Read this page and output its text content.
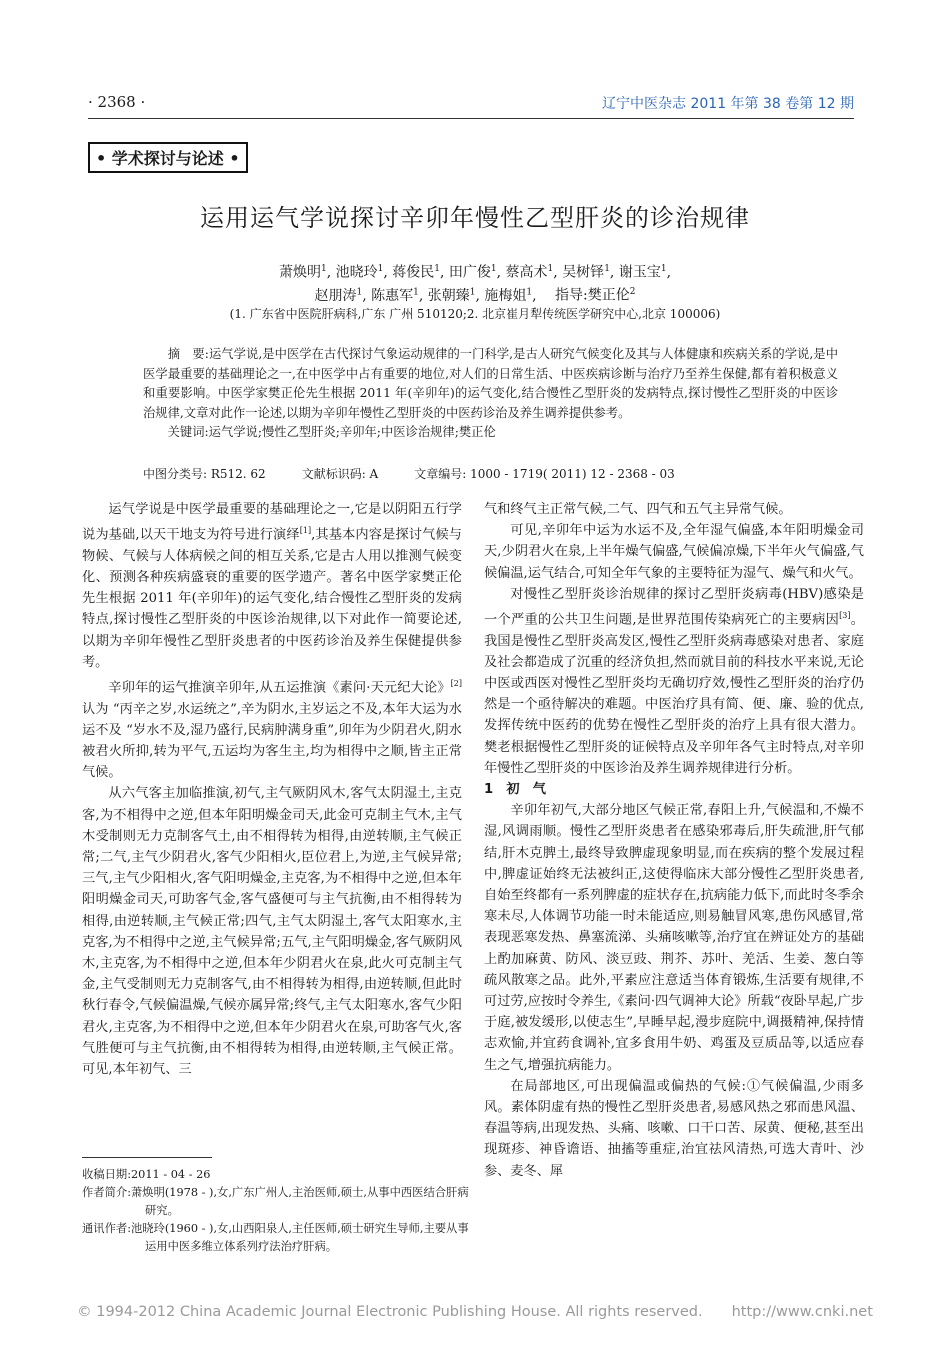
· 2368 ·	辽宁中医杂志 2011 年第 38 卷第 12 期
• 学术探讨与论述 •
运用运气学说探讨辛卯年慢性乙型肝炎的诊治规律
萧焕明$^1$, 池晓玲$^1$, 蒋俊民$^1$, 田广俊$^1$, 蔡高术$^1$, 吴树铎$^1$, 谢玉宝$^1$,
赵朋涛$^1$, 陈惠军$^1$, 张朝臻$^1$, 施梅姐$^1$, 　指导:樊正伦$^2$
(1. 广东省中医院肝病科,广东 广州 510120;2. 北京崔月犁传统医学研究中心,北京 100006)

　　摘　要:运气学说,是中医学在古代探讨气象运动规律的一门科学,是古人研究气候变化及其与人体健康和疾病关系的学说,是中医学最重要的基础理论之一,在中医学中占有重要的地位,对人们的日常生活、中医疾病诊断与治疗乃至养生保健,都有着积极意义和重要影响。中医学家樊正伦先生根据 2011 年(辛卯年)的运气变化,结合慢性乙型肝炎的发病特点,探讨慢性乙型肝炎的中医诊治规律,文章对此作一论述,以期为辛卯年慢性乙型肝炎的中医药诊治及养生调养提供参考。

　　关键词:运气学说;慢性乙型肝炎;辛卯年;中医诊治规律;樊正伦

中图分类号: R512. 62　　　文献标识码: A　　　文章编号: 1000 - 1719( 2011) 12 - 2368 - 03

运气学说是中医学最重要的基础理论之一,它是以阴阳五行学说为基础,以天干地支为符号进行演绎[1],其基本内容是探讨气候与物候、气候与人体病候之间的相互关系,它是古人用以推测气候变化、预测各种疾病盛衰的重要的医学遗产。著名中医学家樊正伦先生根据 2011 年(辛卯年)的运气变化,结合慢性乙型肝炎的发病特点,探讨慢性乙型肝炎的中医诊治规律,以下对此作一简要论述,以期为辛卯年慢性乙型肝炎患者的中医药诊治及养生保健提供参考。

辛卯年的运气推演辛卯年,从五运推演《素问·天元纪大论》[2]认为 “丙辛之岁,水运统之”,辛为阴水,主岁运之不及,本年大运为水运不及 “岁水不及,湿乃盛行,民病肿满身重”,卯年为少阴君火,阴水被君火所抑,转为平气,五运均为客生主,均为相得中之顺,皆主正常气候。

从六气客主加临推演,初气,主气厥阴风木,客气太阴湿土,主克客,为不相得中之逆,但本年阳明燥金司天,此金可克制主气木,主气木受制则无力克制客气土,由不相得转为相得,由逆转顺,主气候正常;二气,主气少阴君火,客气少阳相火,臣位君上,为逆,主气候异常;三气,主气少阳相火,客气阳明燥金,主克客,为不相得中之逆,但本年阳明燥金司天,可助客气金,客气盛便可与主气抗衡,由不相得转为相得,由逆转顺,主气候正常;四气,主气太阴湿土,客气太阳寒水,主克客,为不相得中之逆,主气候异常;五气,主气阳明燥金,客气厥阴风木,主克客,为不相得中之逆,但本年少阴君火在泉,此火可克制主气金,主气受制则无力克制客气,由不相得转为相得,由逆转顺,但此时秋行春令,气候偏温燥,气候亦属异常;终气,主气太阳寒水,客气少阳君火,主克客,为不相得中之逆,但本年少阴君火在泉,可助客气火,客气胜便可与主气抗衡,由不相得转为相得,由逆转顺,主气候正常。可见,本年初气、三

气和终气主正常气候,二气、四气和五气主异常气候。

可见,辛卯年中运为水运不及,全年湿气偏盛,本年阳明燥金司天,少阴君火在泉,上半年燥气偏盛,气候偏凉燥,下半年火气偏盛,气候偏温,运气结合,可知全年气象的主要特征为湿气、燥气和火气。

对慢性乙型肝炎诊治规律的探讨乙型肝炎病毒(HBV)感染是一个严重的公共卫生问题,是世界范围传染病死亡的主要病因[3]。我国是慢性乙型肝炎高发区,慢性乙型肝炎病毒感染对患者、家庭及社会都造成了沉重的经济负担,然而就目前的科技水平来说,无论中医或西医对慢性乙型肝炎均无确切疗效,慢性乙型肝炎的治疗仍然是一个亟待解决的难题。中医治疗具有简、便、廉、验的优点,发挥传统中医药的优势在慢性乙型肝炎的治疗上具有很大潜力。樊老根据慢性乙型肝炎的证候特点及辛卯年各气主时特点,对辛卯年慢性乙型肝炎的中医诊治及养生调养规律进行分析。

1　初　气

辛卯年初气,大部分地区气候正常,春阳上升,气候温和,不燥不湿,风调雨顺。慢性乙型肝炎患者在感染邪毒后,肝失疏泄,肝气郁结,肝木克脾土,最终导致脾虚现象明显,而在疾病的整个发展过程中,脾虚证始终无法被纠正,这使得临床大部分慢性乙型肝炎患者,自始至终都有一系列脾虚的症状存在,抗病能力低下,而此时冬季余寒未尽,人体调节功能一时未能适应,则易触冒风寒,患伤风感冒,常表现恶寒发热、鼻塞流涕、头痛咳嗽等,治疗宜在辨证处方的基础上酌加麻黄、防风、淡豆豉、荆芥、苏叶、羌活、生姜、葱白等疏风散寒之品。此外,平素应注意适当体育锻炼,生活要有规律,不可过劳,应按时令养生,《素问·四气调神大论》所载“夜卧早起,广步于庭,被发缓形,以使志生”,早睡早起,漫步庭院中,调摄精神,保持情志欢愉,并宜药食调补,宜多食用牛奶、鸡蛋及豆质品等,以适应春生之气,增强抗病能力。

在局部地区,可出现偏温或偏热的气候:①气候偏温,少雨多风。素体阴虚有热的慢性乙型肝炎患者,易感风热之邪而患风温、春温等病,出现发热、头痛、咳嗽、口干口苦、尿黄、便秘,甚至出现斑疹、神昏谵语、抽搐等重症,治宜祛风清热,可选大青叶、沙参、麦冬、犀

收稿日期:2011 - 04 - 26

作者简介:萧焕明(1978 - ),女,广东广州人,主治医师,硕士,从事中西医结合肝病研究。

通讯作者:池晓玲(1960 - ),女,山西阳泉人,主任医师,硕士研究生导师,主要从事运用中医多维立体系列疗法治疗肝病。

© 1994-2012 China Academic Journal Electronic Publishing House. All rights reserved.　　http://www.cnki.net
